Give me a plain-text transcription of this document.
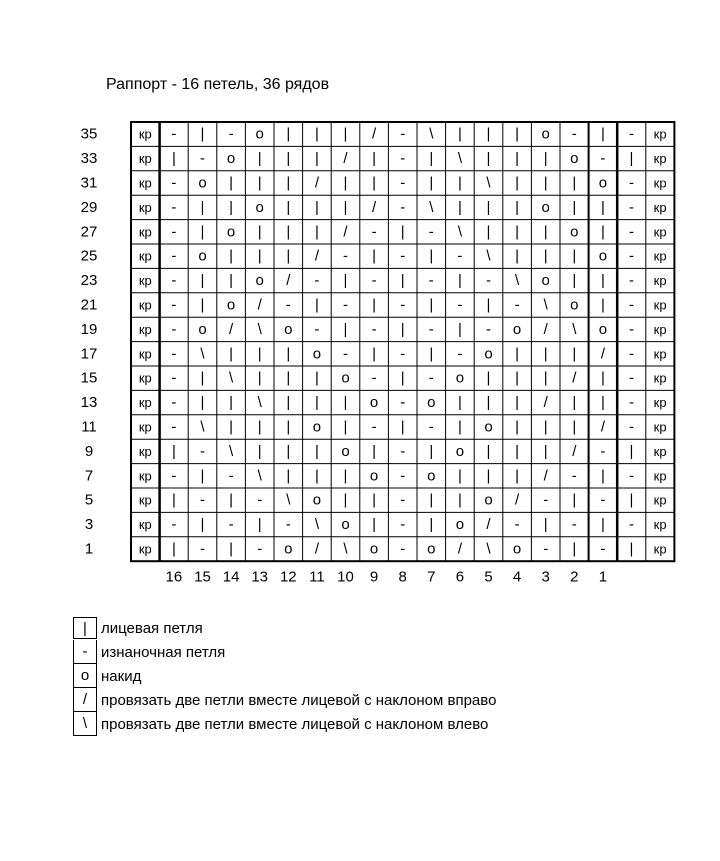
Раппорт - 16 петель, 36 рядов
35	кр - | - o | | | / - \ | | | o - | - кр
33	кр | - o | | | / | - | \ | | | o - | кр
31	кр - o | | | / | | - | | \ | | | o - кр
29	кр - | | o | | | / - \ | | | o | | - кр
27	кр - | o | | | / - | - \ | | | o | - кр
25	кр - o | | | / - | - | - \ | | | o - кр
23	кр - | | o / - | - | - | - \ o | | - кр
21	кр - | o / - | - | - | - | - \ o | - кр
19	кр - o / \ o - | - | - | - o / \ o - кр
17	кр - \ | | | o - | - | - o | | | / - кр
15	кр - | \ | | | o - | - o | | | / | - кр
13	кр - | | \ | | | o - o | | | / | | - кр
11	кр - \ | | | o | - | - | o | | | / - кр
9	кр | - \ | | | o | - | o | | | / - | кр
7	кр - | - \ | | | o - o | | | / - | - кр
5	кр | - | - \ o | | - | | o / - | - | кр
3	кр - | - | - \ o | - | o / - | - | - кр
1	кр | - | - o / \ o - o / \ o - | - | кр
16 15 14 13 12 11 10 9 8 7 6 5 4 3 2 1
| лицевая петля
- изнаночная петля
o накид
/ провязать две петли вместе лицевой с наклоном вправо
\ провязать две петли вместе лицевой с наклоном влево
